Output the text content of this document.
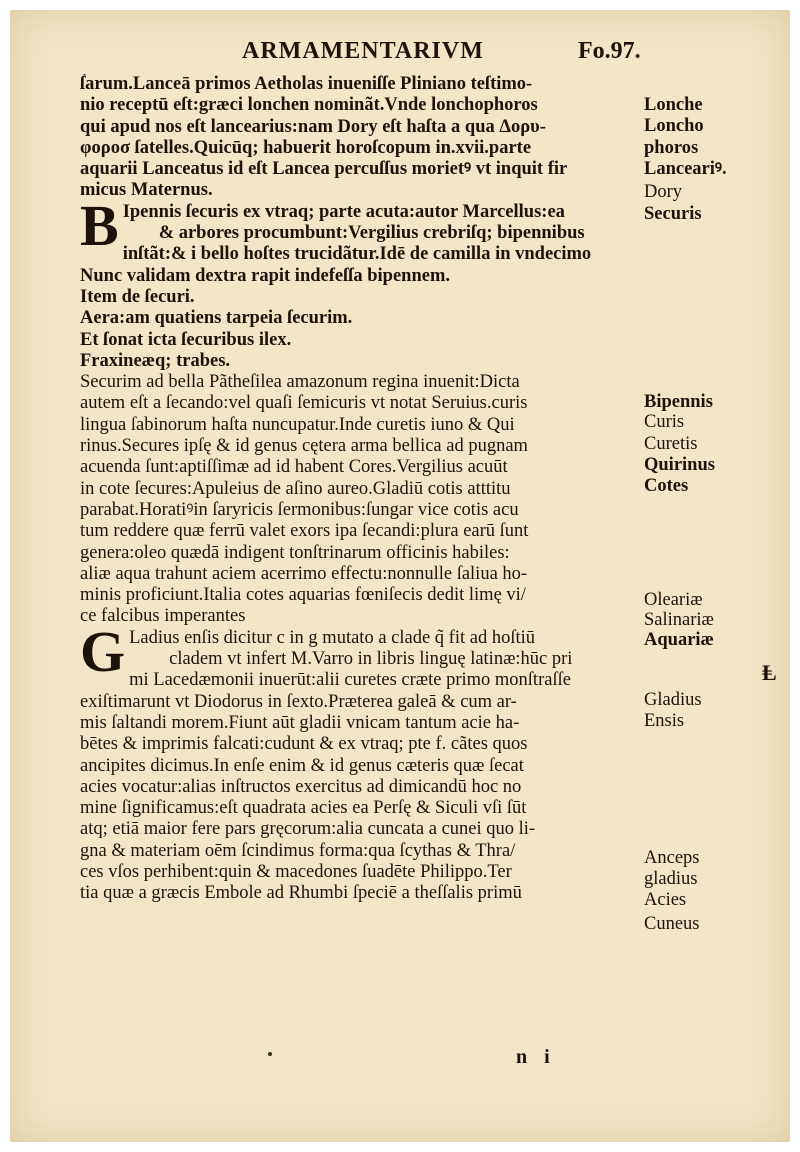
ARMAMENTARIVM	Fo.97.
ẛarum.Lanceā primos Aetholas inueniſſe Pliniano teſtimo-
nio receptū eſt:græci lonchen nominãt.Vnde lonchophoros
qui apud nos eſt lancearius:nam Dory eſt haſta a qua Δορυ-
φοροσ ſatelles.Quicūq; habuerit horoſcopum in.xvii.parte
aquarii Lanceatus id eſt Lancea percuſſus morietꝰ vt inquit fir
micus Maternus.
B Ipennis ſecuris ex vtraq; parte acuta:autor Marcellus:ea
& arbores procumbunt:Vergilius crebriſq; bipennibus
inſtãt:& i bello hoſtes trucidãtur.Idē de camilla in vndecimo
Nunc validam dextra rapit indefeſſa bipennem.
Item de ſecuri.
Aera:am quatiens tarpeia ſecurim.
Et ſonat icta ſecuribus ilex.
Fraxineæq; trabes.
Securim ad bella Pãtheſilea amazonum regina inuenit:Dicta
autem eſt a ſecando:vel quaſi ſemicuris vt notat Seruius.curis
lingua ſabinorum haſta nuncupatur.Inde curetis iuno & Qui
rinus.Secures ipſę & id genus cętera arma bellica ad pugnam
acuenda ſunt:aptiſſimæ ad id habent Cores.Vergilius acuūt
in cote ſecures:Apuleius de aſino aureo.Gladiū cotis atttitu
parabat.Horatiꝰin ſaryricis ſermonibus:ſungar vice cotis acu
tum reddere quæ ferrū valet exors ipa ſecandi:plura earū ſunt
genera:oleo quædā indigent tonſtrinarum officinis habiles:
aliæ aqua trahunt aciem acerrimo effectu:nonnulle ſaliua ho-
minis proficiunt.Italia cotes aquarias fœniſecis dedit limę vi/
ce falcibus imperantes
G Ladius enſis dicitur c in g mutato a clade q̃ fit ad hoſtiū
cladem vt infert M.Varro in libris linguę latinæ:hūc pri
mi Lacedæmonii inuerūt:alii curetes cræte primo monſtraſſe
exiſtimarunt vt Diodorus in ſexto.Prætereа galeā & cum ar-
mis ſaltandi morem.Fiunt aūt gladii vnicam tantum acie ha-
bētes & imprimis falcati:cudunt & ex vtraq; pte f. cãtes quos
ancipites dicimus.In enſe enim & id genus cæteris quæ ſecat
acies vocatur:alias inſtructos exercitus ad dimicandū hoc no
mine ſignificamus:eſt quadrata acies ea Perſę & Siculi vſi ſūt
atq; etiā maior fere pars gręcorum:alia cuncata a cunei quo li-
gna & materiam oēm ſcindimus forma:qua ſcythas & Thra/
ces vſos perhibent:quin & macedones ſuadēte Philippo.Ter
tia quæ a græcis Embole ad Rhumbi ſpeciē a theſſalis primū
Lonche
Loncho
phoros
Lanceariꝰ.
Dory
Securis
Bipennis
Curis
Curetis
Quirinus
Cotes
Oleariæ
Salinariæ
Aquariæ
Gladius
Ensis
Anceps
gladius
Acies
Cuneus
Ⱡ
n i
